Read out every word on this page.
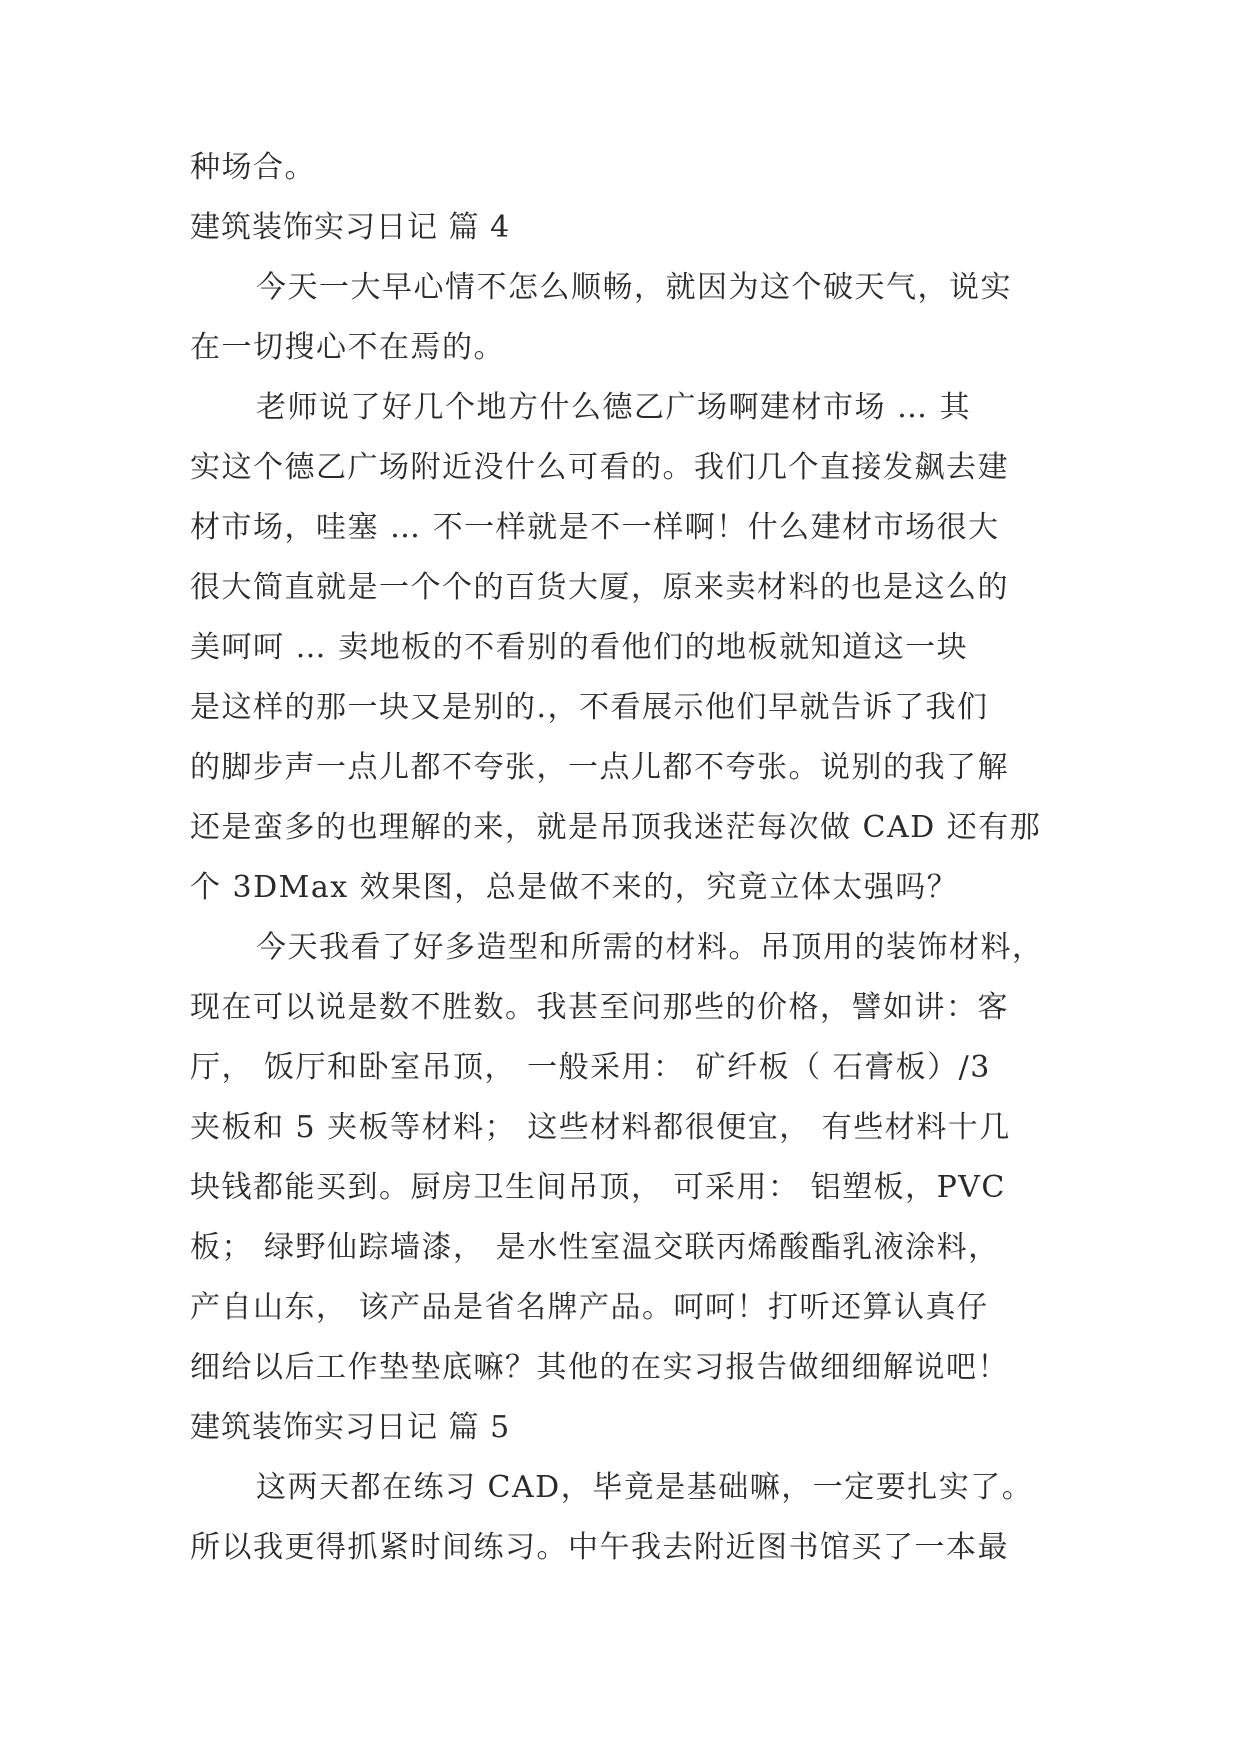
种场合。
建筑装饰实习日记 篇 4
今天一大早心情不怎么顺畅，就因为这个破天气，说实
在一切搜心不在焉的。
老师说了好几个地方什么德乙广场啊建材市场 … 其
实这个德乙广场附近没什么可看的。我们几个直接发飙去建
材市场，哇塞 … 不一样就是不一样啊！什么建材市场很大
很大简直就是一个个的百货大厦，原来卖材料的也是这么的
美呵呵 … 卖地板的不看别的看他们的地板就知道这一块
是这样的那一块又是别的.，不看展示他们早就告诉了我们
的脚步声一点儿都不夸张，一点儿都不夸张。说别的我了解
还是蛮多的也理解的来，就是吊顶我迷茫每次做 CAD 还有那
个 3DMax 效果图，总是做不来的，究竟立体太强吗？
今天我看了好多造型和所需的材料。吊顶用的装饰材料，
现在可以说是数不胜数。我甚至问那些的价格，譬如讲：客
厅， 饭厅和卧室吊顶， 一般采用： 矿纤板（ 石膏板）/3
夹板和 5 夹板等材料； 这些材料都很便宜， 有些材料十几
块钱都能买到。厨房卫生间吊顶， 可采用： 铝塑板，PVC
板； 绿野仙踪墙漆， 是水性室温交联丙烯酸酯乳液涂料，
产自山东， 该产品是省名牌产品。呵呵！打听还算认真仔
细给以后工作垫垫底嘛？其他的在实习报告做细细解说吧！
建筑装饰实习日记 篇 5
这两天都在练习 CAD，毕竟是基础嘛，一定要扎实了。
所以我更得抓紧时间练习。中午我去附近图书馆买了一本最
